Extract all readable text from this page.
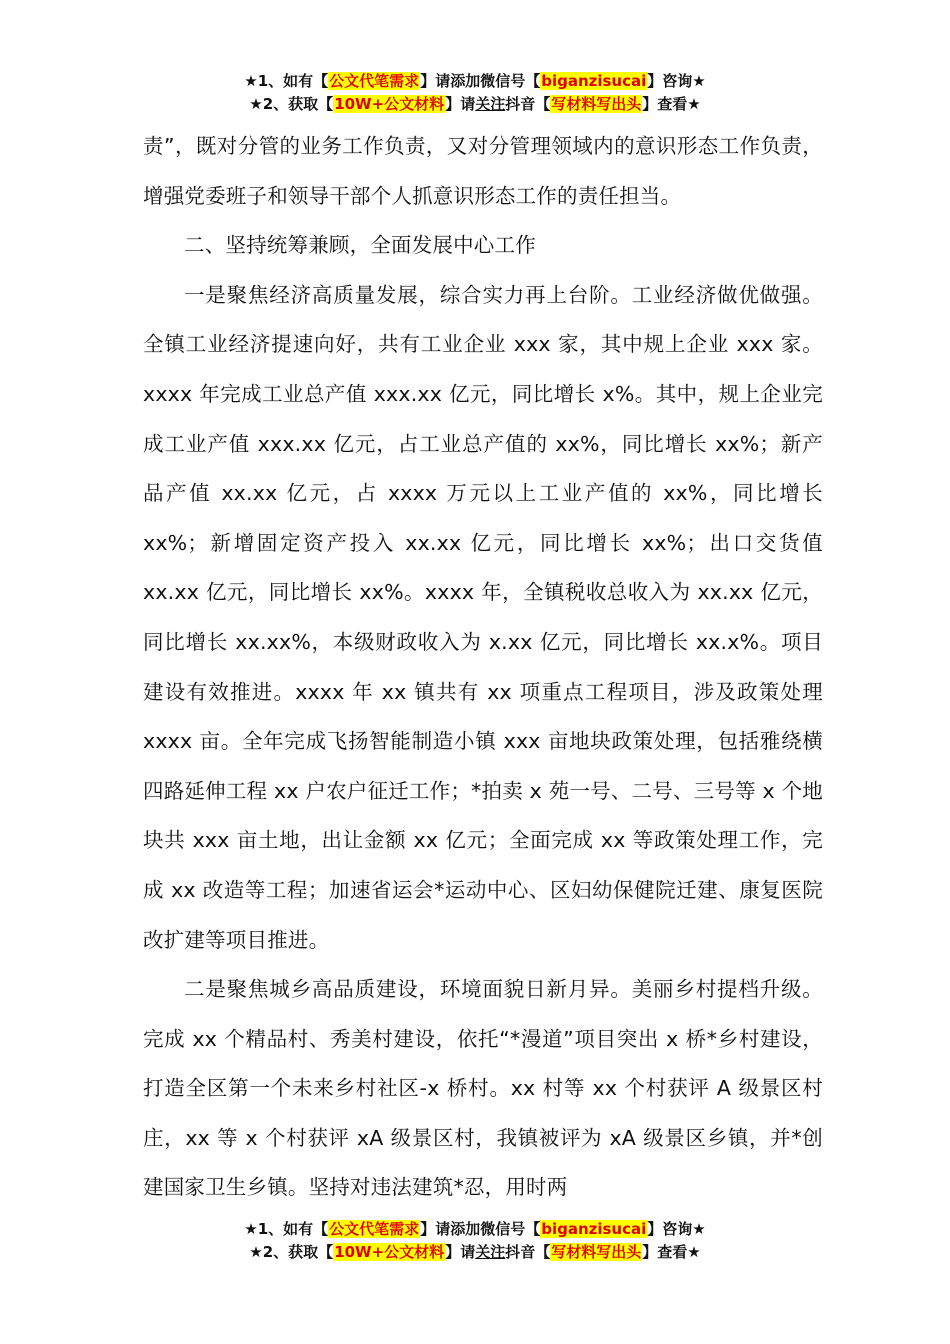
★1、如有【公文代笔需求】请添加微信号【biganzisucai】咨询★
★2、获取【10W+公文材料】请关注抖音【写材料写出头】查看★

责”，既对分管的业务工作负责，又对分管理领域内的意识形态工作负责，增强党委班子和领导干部个人抓意识形态工作的责任担当。

二、坚持统筹兼顾，全面发展中心工作

一是聚焦经济高质量发展，综合实力再上台阶。工业经济做优做强。全镇工业经济提速向好，共有工业企业 xxx 家，其中规上企业 xxx 家。xxxx 年完成工业总产值 xxx.xx 亿元，同比增长 x%。其中，规上企业完成工业产值 xxx.xx 亿元，占工业总产值的 xx%，同比增长 xx%；新产品产值 xx.xx 亿元，占 xxxx 万元以上工业产值的 xx%，同比增长 xx%；新增固定资产投入 xx.xx 亿元，同比增长 xx%；出口交货值 xx.xx 亿元，同比增长 xx%。xxxx 年，全镇税收总收入为 xx.xx 亿元，同比增长 xx.xx%，本级财政收入为 x.xx 亿元，同比增长 xx.x%。项目建设有效推进。xxxx 年 xx 镇共有 xx 项重点工程项目，涉及政策处理 xxxx 亩。全年完成飞扬智能制造小镇 xxx 亩地块政策处理，包括雅绕横四路延伸工程 xx 户农户征迁工作；*拍卖 x 苑一号、二号、三号等 x 个地块共 xxx 亩土地，出让金额 xx 亿元；全面完成 xx 等政策处理工作，完成 xx 改造等工程；加速省运会*运动中心、区妇幼保健院迁建、康复医院改扩建等项目推进。

二是聚焦城乡高品质建设，环境面貌日新月异。美丽乡村提档升级。完成 xx 个精品村、秀美村建设，依托“*漫道”项目突出 x 桥*乡村建设，打造全区第一个未来乡村社区-x 桥村。xx 村等 xx 个村获评 A 级景区村庄，xx 等 x 个村获评 xA 级景区村，我镇被评为 xA 级景区乡镇，并*创建国家卫生乡镇。坚持对违法建筑*忍，用时两

★1、如有【公文代笔需求】请添加微信号【biganzisucai】咨询★
★2、获取【10W+公文材料】请关注抖音【写材料写出头】查看★
